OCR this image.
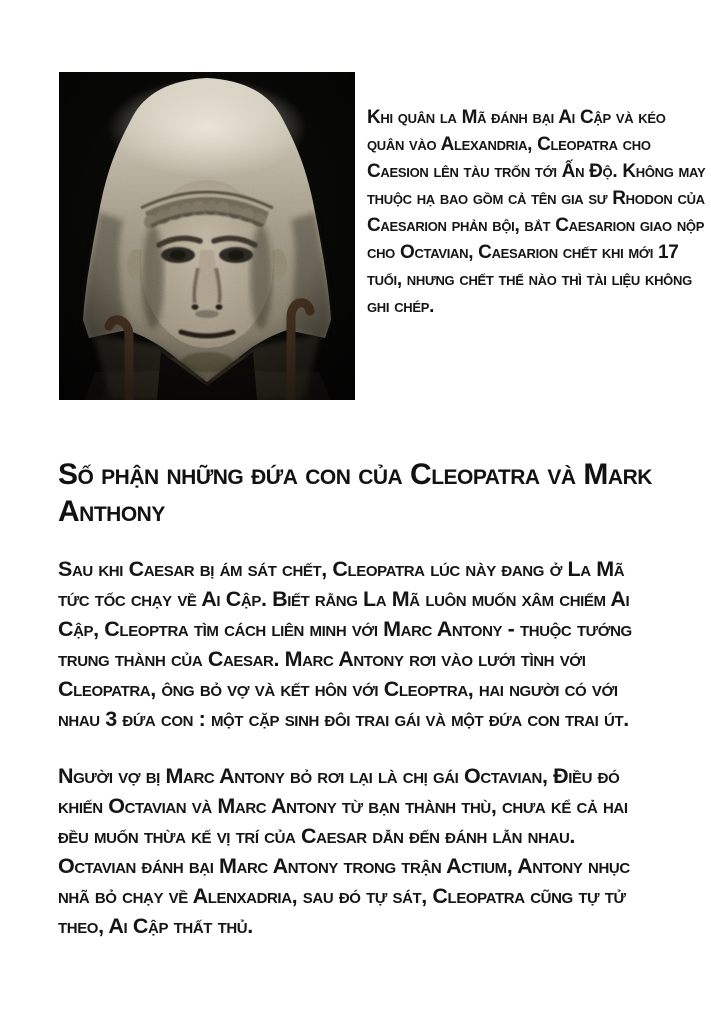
Khi quân la Mã đánh bại Ai Cập và kéo quân vào Alexandria, Cleopatra cho Caesion lên tàu trốn tới Ấn Độ. Không may thuộc hạ bao gồm cả tên gia sư Rhodon của Caesarion phản bội, bắt Caesarion giao nộp cho Octavian, Caesarion chết khi mới 17 tuổi, nhưng chết thế nào thì tài liệu không ghi chép.
Số phận những đứa con của Cleopatra và Mark Anthony
Sau khi Caesar bị ám sát chết, Cleopatra lúc này đang ở La Mã tức tốc chạy về Ai Cập. Biết rằng La Mã luôn muốn xâm chiếm Ai Cập, Cleoptra tìm cách liên minh với Marc Antony - thuộc tướng trung thành của Caesar. Marc Antony rơi vào lưới tình với Cleopatra, ông bỏ vợ và kết hôn với Cleoptra, hai người có với nhau 3 đứa con : một cặp sinh đôi trai gái và một đứa con trai út.
Người vợ bị Marc Antony bỏ rơi lại là chị gái Octavian, Điều đó khiến Octavian và Marc Antony từ bạn thành thù, chưa kể cả hai đều muốn thừa kế vị trí của Caesar dẫn đến đánh lẫn nhau. Octavian đánh bại Marc Antony trong trận Actium, Antony nhục nhã bỏ chạy về Alenxadria, sau đó tự sát, Cleopatra cũng tự tử theo, Ai Cập thất thủ.
